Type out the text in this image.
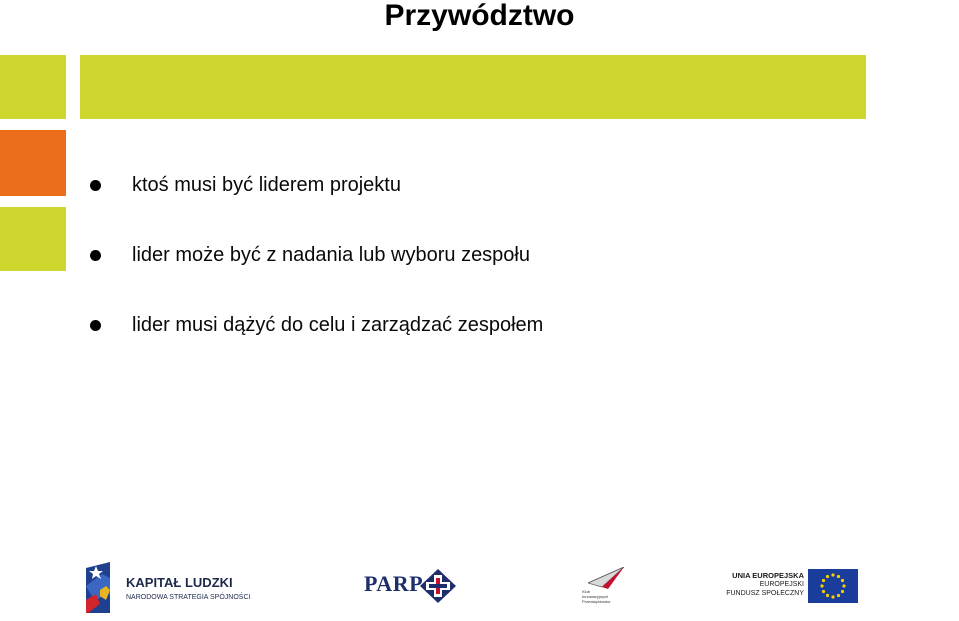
Przywództwo
ktoś musi być liderem projektu
lider może być z nadania lub wyboru zespołu
lider musi dążyć do celu i zarządzać zespołem
KAPITAŁ LUDZKI
NARODOWA STRATEGIA SPÓJNOŚCI
PARP	Klub
Innowacyjnych
Przedsiębiorstw
UNIA EUROPEJSKA
EUROPEJSKI
FUNDUSZ SPOŁECZNY
